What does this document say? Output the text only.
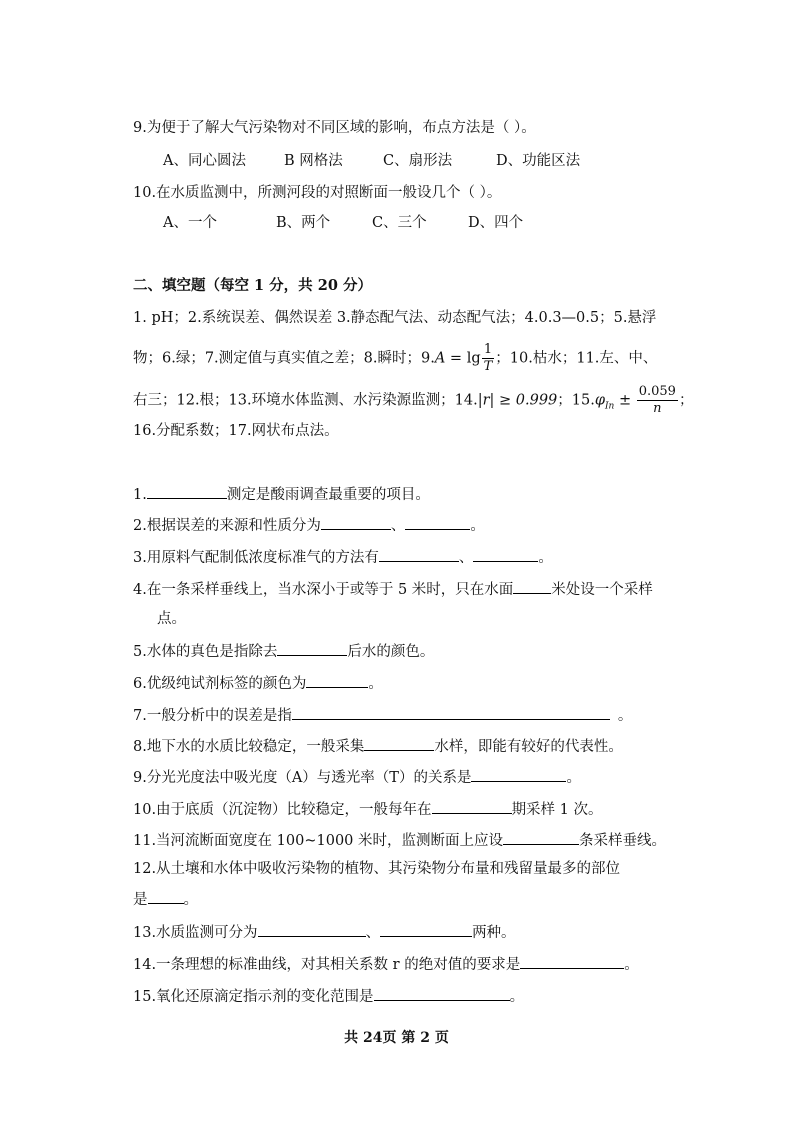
9.为便于了解大气污染物对不同区域的影响，布点方法是（ ）。
A、同心圆法	B 网格法	C、扇形法	D、功能区法
10.在水质监测中，所测河段的对照断面一般设几个（ ）。
A、一个	B、两个	C、三个	D、四个
二、填空题（每空 1 分，共 20 分）
1. pH；2.系统误差、偶然误差 3.静态配气法、动态配气法；4.0.3—0.5；5.悬浮
物；6.绿；7.测定值与真实值之差；8.瞬时；$9.A = \lg \frac{1}{T}$ ；10.枯水；11.左、中、
右三；12.根；13.环境水体监测、水污染源监测；14.|r| ≥ 0.999；$15.\varphi_{In} \pm \frac{0.059}{n}$ ；
16.分配系数；17.网状布点法。
1.	测定是酸雨调查最重要的项目。
2.根据误差的来源和性质分为	、	。
3.用原料气配制低浓度标准气的方法有	、	。
4.在一条采样垂线上，当水深小于或等于 5 米时，只在水面	米处设一个采样
点。
5.水体的真色是指除去	后水的颜色。
6.优级纯试剂标签的颜色为	。
7.一般分析中的误差是指	。
8.地下水的水质比较稳定，一般采集	水样，即能有较好的代表性。
9.分光光度法中吸光度（A）与透光率（T）的关系是	。
10.由于底质（沉淀物）比较稳定，一般每年在	期采样 1 次。
11.当河流断面宽度在 100~1000 米时，监测断面上应设	条采样垂线。
12.从土壤和水体中吸收污染物的植物、其污染物分布量和残留量最多的部位
是 。
13.水质监测可分为	、	两种。
14.一条理想的标准曲线，对其相关系数 r 的绝对值的要求是	。
15.氧化还原滴定指示剂的变化范围是	。
共 24页 第 2 页
